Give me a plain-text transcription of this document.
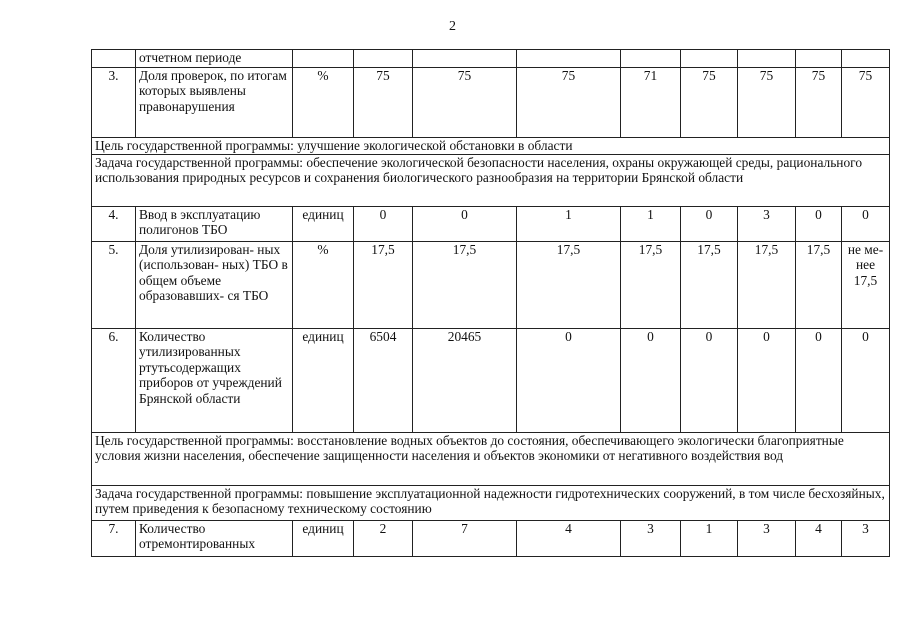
2
	отчетном периоде									
3.	Доля проверок, по итогам которых выявлены правонарушения	%	75	75	75	71	75	75	75	75
Цель государственной программы: улучшение экологической обстановки в области										
Задача государственной программы: обеспечение экологической безопасности населения, охраны окружающей среды, рационального использования природных ресурсов и сохранения биологического разнообразия на территории Брянской области										
4.	Ввод в эксплуатацию полигонов ТБО	единиц	0	0	1	1	0	3	0	0
5.	Доля утилизирован- ных (использован- ных) ТБО в общем объеме образовавших- ся ТБО	%	17,5	17,5	17,5	17,5	17,5	17,5	17,5	не ме- нее 17,5
6.	Количество утилизированных ртутьсодержащих приборов от учреждений Брянской области	единиц	6504	20465	0	0	0	0	0	0
Цель государственной программы: восстановление водных объектов до состояния, обеспечивающего экологически благоприятные условия жизни населения, обеспечение защищенности населения и объектов экономики от негативного воздействия вод										
Задача государственной программы: повышение эксплуатационной надежности гидротехнических сооружений, в том числе бесхозяйных, путем приведения к безопасному техническому состоянию										
7.	Количество отремонтированных	единиц	2	7	4	3	1	3	4	3
